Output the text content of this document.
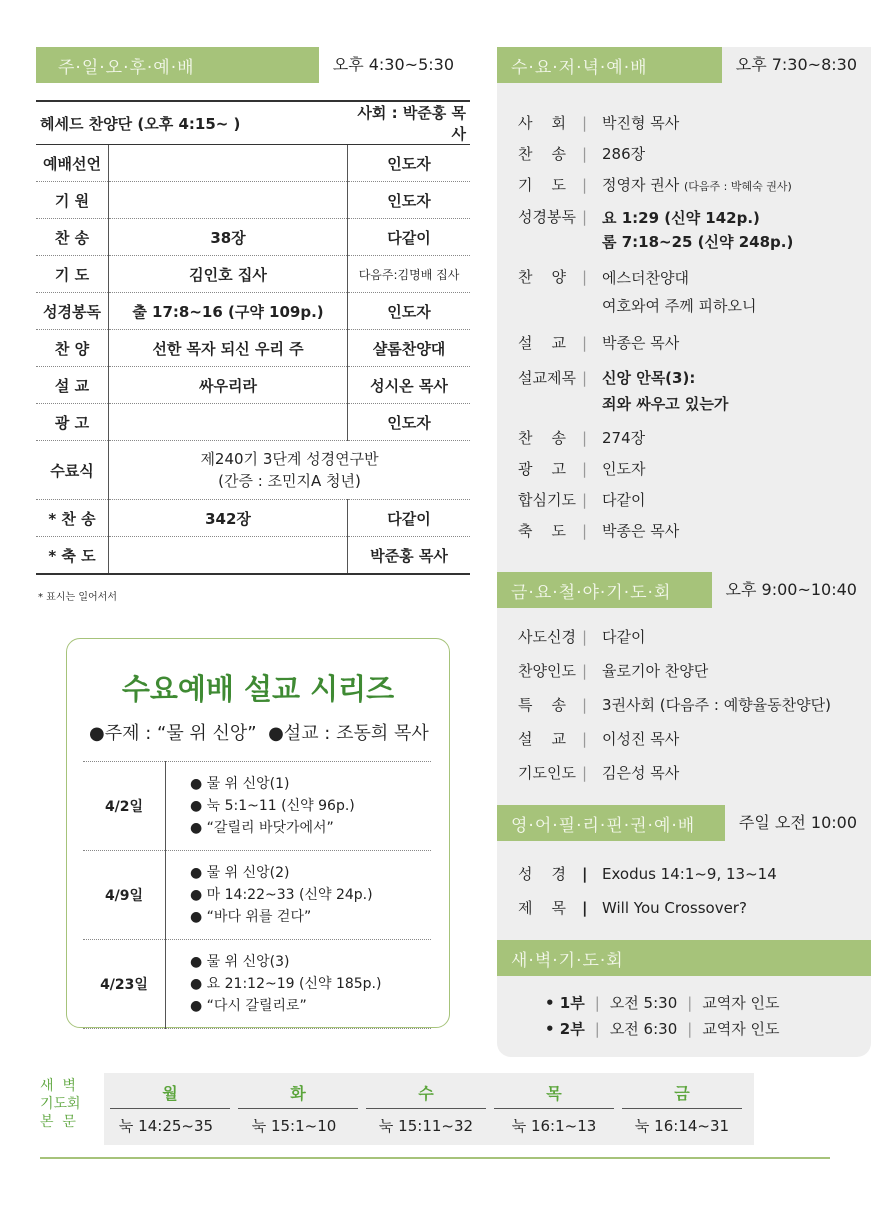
주·일·오·후·예·배	오후 4:30~5:30
헤세드 찬양단 (오후 4:15~ )		사회 : 박준홍 목사
예배선언		인도자
기 원		인도자
찬 송	38장	다같이
기 도	김인호 집사	다음주:김명배 집사
성경봉독	출 17:8~16 (구약 109p.)	인도자
찬 양	선한 목자 되신 우리 주	샬롬찬양대
설 교	싸우리라	성시온 목사
광 고		인도자
수료식	제240기 3단계 성경연구반
(간증 : 조민지A 청년)	

* 찬 송	342장	다같이
* 축 도		박준홍 목사
* 표시는 일어서서
수요예배 설교 시리즈
●주제 : “물 위 신앙” ●설교 : 조동희 목사
4/2일	● 물 위 신앙(1)
● 눅 5:1~11 (신약 96p.)
● “갈릴리 바닷가에서”

4/9일	● 물 위 신앙(2)
● 마 14:22~33 (신약 24p.)
● “바다 위를 걷다”

4/23일	● 물 위 신앙(3)
● 요 21:12~19 (신약 185p.)
● “다시 갈릴리로”
수·요·저·녁·예·배	오후 7:30~8:30
사    회	| 박진형 목사
찬    송	| 286장
기    도	| 정영자 권사 (다음주 : 박혜숙 권사)
성경봉독 | 요 1:29 (신약 142p.)
롬 7:18~25 (신약 248p.)
찬    양	| 에스더찬양대
여호와여 주께 피하오니
설    교	| 박종은 목사
설교제목 | 신앙 안목(3):
죄와 싸우고 있는가
찬    송	| 274장
광    고	| 인도자
합심기도 | 다같이
축    도	| 박종은 목사
금·요·철·야·기·도·회	오후 9:00~10:40
사도신경 | 다같이
찬양인도 | 율로기아 찬양단
특    송	| 3권사회 (다음주 : 예향율동찬양단)
설    교	| 이성진 목사
기도인도 | 김은성 목사
영·어·필·리·핀·권·예·배	주일 오전 10:00
성    경	| Exodus 14:1~9, 13~14
제    목	| Will You Crossover?
새·벽·기·도·회
• 1부 | 오전 5:30 | 교역자 인도
• 2부 | 오전 6:30 | 교역자 인도
새  벽
기도회
본  문
월	화	수	목	금
눅 14:25~35	눅 15:1~10	눅 15:11~32	눅 16:1~13	눅 16:14~31
